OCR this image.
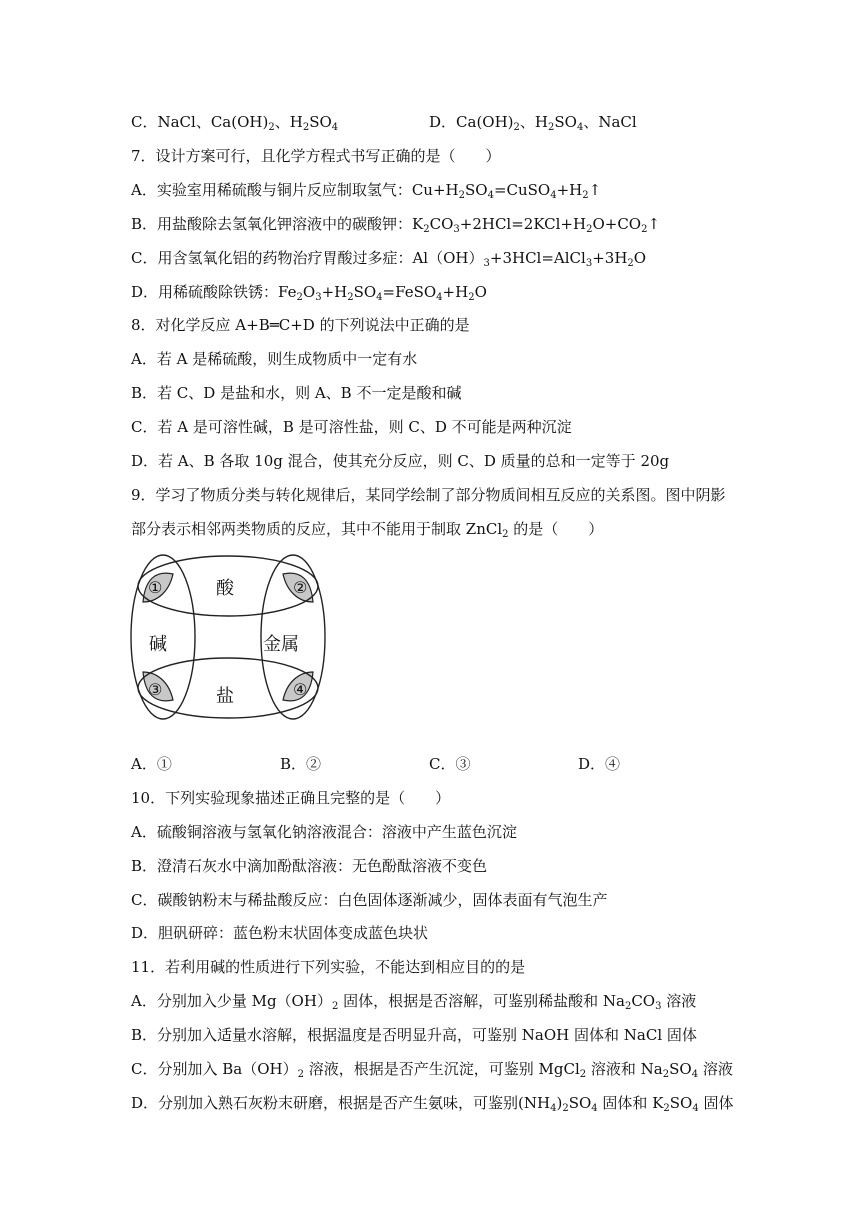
C．NaCl、$Ca(OH)_2$、$H_2SO_4$	D．$Ca(OH)_2$、$H_2SO_4$、NaCl
7．设计方案可行，且化学方程式书写正确的是（　　）
A．实验室用稀硫酸与铜片反应制取氢气：$Cu+H_2SO_4=CuSO_4+H_2↑$
B．用盐酸除去氢氧化钾溶液中的碳酸钾：$K_2CO_3+2HCl=2KCl+H_2O+CO_2↑$
C．用含氢氧化铝的药物治疗胃酸过多症：$Al(OH)_3+3HCl=AlCl_3+3H_2O$
D．用稀硫酸除铁锈：$Fe_2O_3+H_2SO_4=FeSO_4+H_2O$
8．对化学反应 A+B═C+D 的下列说法中正确的是
A．若 A 是稀硫酸，则生成物质中一定有水
B．若 C、D 是盐和水，则 A、B 不一定是酸和碱
C．若 A 是可溶性碱，B 是可溶性盐，则 C、D 不可能是两种沉淀
D．若 A、B 各取 10g 混合，使其充分反应，则 C、D 质量的总和一定等于 20g
9．学习了物质分类与转化规律后，某同学绘制了部分物质间相互反应的关系图。图中阴影
部分表示相邻两类物质的反应，其中不能用于制取 ZnCl$_2$ 的是（　　）
酸
碱	金属
盐
①	②
③	④
A．①	B．②	C．③	D．④
10．下列实验现象描述正确且完整的是（　　）
A．硫酸铜溶液与氢氧化钠溶液混合：溶液中产生蓝色沉淀
B．澄清石灰水中滴加酚酞溶液：无色酚酞溶液不变色
C．碳酸钠粉末与稀盐酸反应：白色固体逐渐减少，固体表面有气泡生产
D．胆矾研碎：蓝色粉末状固体变成蓝色块状
11．若利用碱的性质进行下列实验，不能达到相应目的的是
A．分别加入少量 $Mg(OH)_2$ 固体，根据是否溶解，可鉴别稀盐酸和 $Na_2CO_3$ 溶液
B．分别加入适量水溶解，根据温度是否明显升高，可鉴别 NaOH 固体和 NaCl 固体
C．分别加入 $Ba(OH)_2$ 溶液，根据是否产生沉淀，可鉴别 MgCl$_2$ 溶液和 $Na_2SO_4$ 溶液
D．分别加入熟石灰粉末研磨，根据是否产生氨味，可鉴别$(NH_4)_2SO_4$ 固体和 $K_2SO_4$ 固体
